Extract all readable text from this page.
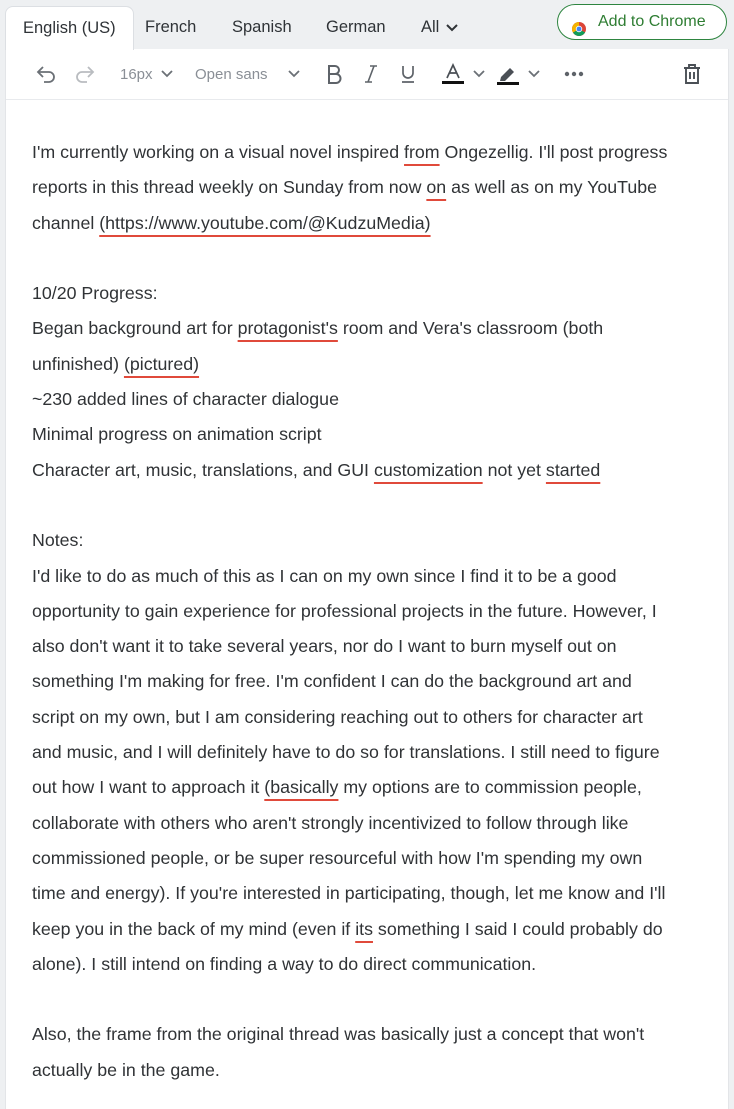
English (US)	French	Spanish	German	All	Add to Chrome
16px	Open sans

I'm currently working on a visual novel inspired from Ongezellig. I'll post progress

reports in this thread weekly on Sunday from now on as well as on my YouTube

channel (https://www.youtube.com/@KudzuMedia)

10/20 Progress:

Began background art for protagonist's room and Vera's classroom (both

unfinished) (pictured)

~230 added lines of character dialogue

Minimal progress on animation script

Character art, music, translations, and GUI customization not yet started

Notes:

I'd like to do as much of this as I can on my own since I find it to be a good

opportunity to gain experience for professional projects in the future. However, I

also don't want it to take several years, nor do I want to burn myself out on

something I'm making for free. I'm confident I can do the background art and

script on my own, but I am considering reaching out to others for character art

and music, and I will definitely have to do so for translations. I still need to figure

out how I want to approach it (basically my options are to commission people,

collaborate with others who aren't strongly incentivized to follow through like

commissioned people, or be super resourceful with how I'm spending my own

time and energy). If you're interested in participating, though, let me know and I'll

keep you in the back of my mind (even if its something I said I could probably do

alone). I still intend on finding a way to do direct communication.

Also, the frame from the original thread was basically just a concept that won't

actually be in the game.
